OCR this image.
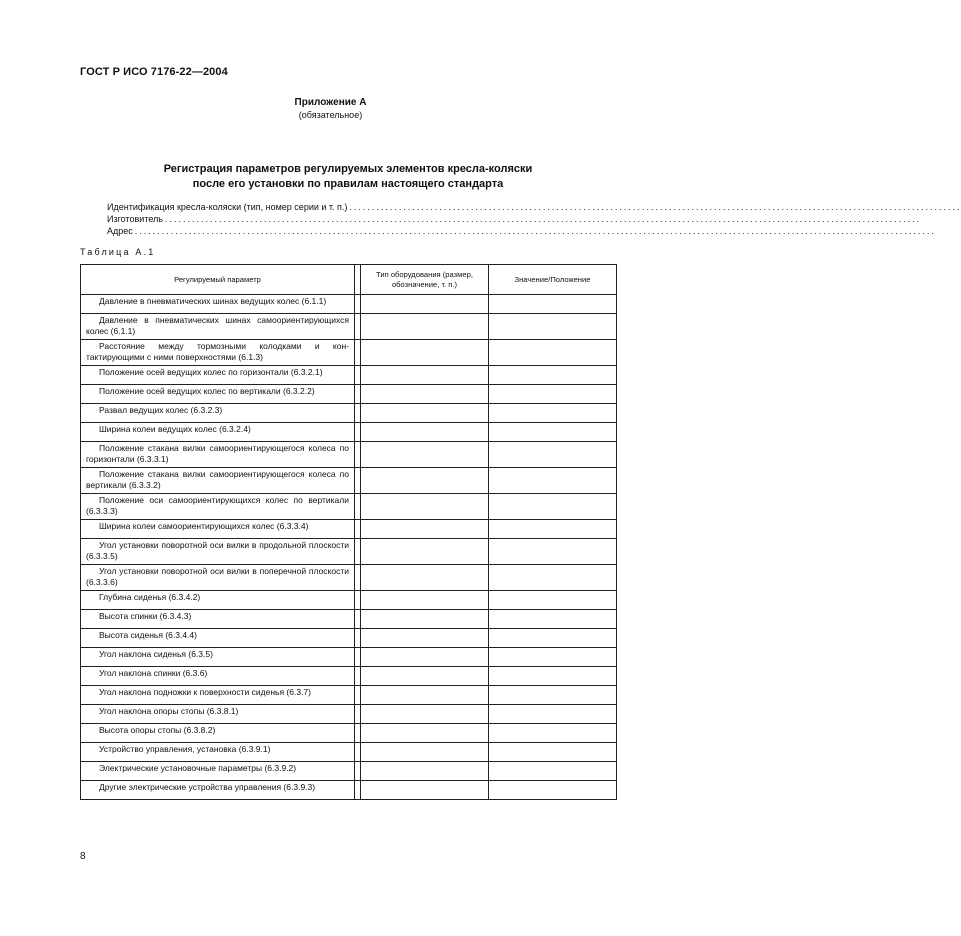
ГОСТ Р ИСО 7176-22—2004
Приложение А
(обязательное)
Регистрация параметров регулируемых элементов кресла-коляски
после его установки по правилам настоящего стандарта
Идентификация кресла-коляски (тип, номер серии и т. п.) ........................................................................................................................................
Изготовитель ........................................................................................................................................................................
Адрес ..................................................................................................................................................................................
Таблица А.1
Регулируемый параметр		Тип оборудования (размер, обозначение, т. п.)	Значение/Положение

Давление в пневматических шинах ведущих колес (6.1.1)			

Давление в пневматических шинах самоориентирующихся колес (6.1.1)			

Расстояние между тормозными колодками и контактирующими с ними поверхностями (6.1.3)			

Положение осей ведущих колес по горизонтали (6.3.2.1)			

Положение осей ведущих колес по вертикали (6.3.2.2)			

Развал ведущих колес (6.3.2.3)			

Ширина колеи ведущих колес (6.3.2.4)			

Положение стакана вилки самоориентирующегося колеса по горизонтали (6.3.3.1)			

Положение стакана вилки самоориентирующегося колеса по вертикали (6.3.3.2)			

Положение оси самоориентирующихся колес по вертикали (6.3.3.3)			

Ширина колеи самоориентирующихся колес (6.3.3.4)			

Угол установки поворотной оси вилки в продольной плоскости (6.3.3.5)			

Угол установки поворотной оси вилки в поперечной плоскости (6.3.3.6)			

Глубина сиденья (6.3.4.2)			

Высота спинки (6.3.4.3)			

Высота сиденья (6.3.4.4)			

Угол наклона сиденья (6.3.5)			

Угол наклона спинки (6.3.6)			

Угол наклона подножки к поверхности сиденья (6.3.7)			

Угол наклона опоры стопы (6.3.8.1)			

Высота опоры стопы (6.3.8.2)			

Устройство управления, установка (6.3.9.1)			

Электрические установочные параметры (6.3.9.2)			

Другие электрические устройства управления (6.3.9.3)			

8
